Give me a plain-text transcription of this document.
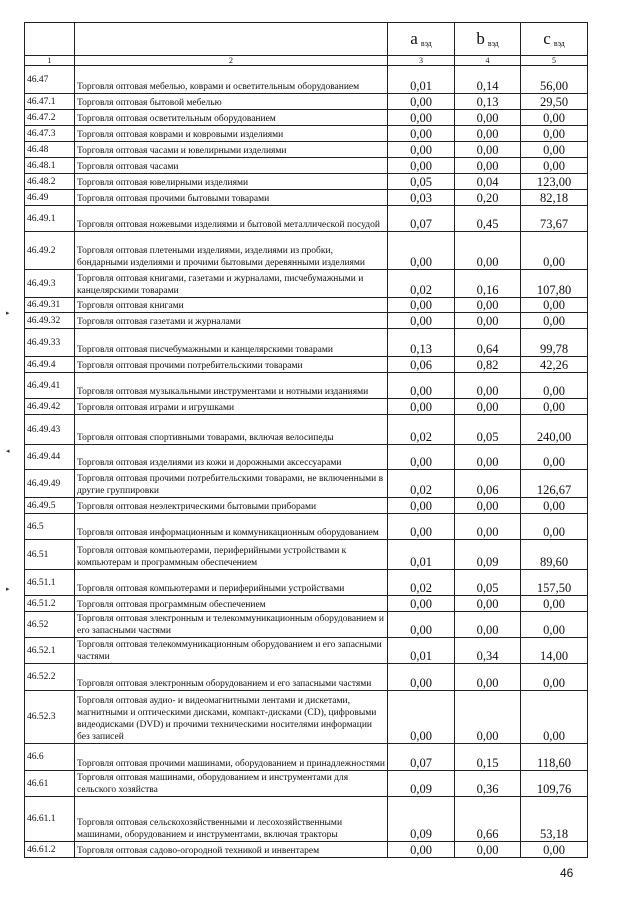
		a вэд	b вэд	c вэд
1	2	3	4	5
46.47	Торговля оптовая мебелью, коврами и осветительным оборудованием	0,01	0,14	56,00
46.47.1	Торговля оптовая бытовой мебелью	0,00	0,13	29,50
46.47.2	Торговля оптовая осветительным оборудованием	0,00	0,00	0,00
46.47.3	Торговля оптовая коврами и ковровыми изделиями	0,00	0,00	0,00
46.48	Торговля оптовая часами и ювелирными изделиями	0,00	0,00	0,00
46.48.1	Торговля оптовая часами	0,00	0,00	0,00
46.48.2	Торговля оптовая ювелирными изделиями	0,05	0,04	123,00
46.49	Торговля оптовая прочими бытовыми товарами	0,03	0,20	82,18
46.49.1	Торговля оптовая ножевыми изделиями и бытовой металлической посудой	0,07	0,45	73,67
46.49.2	Торговля оптовая плетеными изделиями, изделиями из пробки, бондарными изделиями и прочими бытовыми деревянными изделиями	0,00	0,00	0,00
46.49.3	Торговля оптовая книгами, газетами и журналами, писчебумажными и канцелярскими товарами	0,02	0,16	107,80
46.49.31	Торговля оптовая книгами	0,00	0,00	0,00
46.49.32	Торговля оптовая газетами и журналами	0,00	0,00	0,00
46.49.33	Торговля оптовая писчебумажными и канцелярскими товарами	0,13	0,64	99,78
46.49.4	Торговля оптовая прочими потребительскими товарами	0,06	0,82	42,26
46.49.41	Торговля оптовая музыкальными инструментами и нотными изданиями	0,00	0,00	0,00
46.49.42	Торговля оптовая играми и игрушками	0,00	0,00	0,00
46.49.43	Торговля оптовая спортивными товарами, включая велосипеды	0,02	0,05	240,00
46.49.44	Торговля оптовая изделиями из кожи и дорожными аксессуарами	0,00	0,00	0,00
46.49.49	Торговля оптовая прочими потребительскими товарами, не включенными в другие группировки	0,02	0,06	126,67
46.49.5	Торговля оптовая неэлектрическими бытовыми приборами	0,00	0,00	0,00
46.5	Торговля оптовая информационным и коммуникационным оборудованием	0,00	0,00	0,00
46.51	Торговля оптовая компьютерами, периферийными устройствами к компьютерам и программным обеспечением	0,01	0,09	89,60
46.51.1	Торговля оптовая компьютерами и периферийными устройствами	0,02	0,05	157,50
46.51.2	Торговля оптовая программным обеспечением	0,00	0,00	0,00
46.52	Торговля оптовая электронным и телекоммуникационным оборудованием и его запасными частями	0,00	0,00	0,00
46.52.1	Торговля оптовая телекоммуникационным оборудованием и его запасными частями	0,01	0,34	14,00
46.52.2	Торговля оптовая электронным оборудованием и его запасными частями	0,00	0,00	0,00
46.52.3	Торговля оптовая аудио- и видеомагнитными лентами и дискетами, магнитными и оптическими дисками, компакт-дисками (CD), цифровыми видеодисками (DVD) и прочими техническими носителями информации без записей	0,00	0,00	0,00
46.6	Торговля оптовая прочими машинами, оборудованием и принадлежностями	0,07	0,15	118,60
46.61	Торговля оптовая машинами, оборудованием и инструментами для сельского хозяйства	0,09	0,36	109,76
46.61.1	Торговля оптовая сельскохозяйственными и лесохозяйственными машинами, оборудованием и инструментами, включая тракторы	0,09	0,66	53,18
46.61.2	Торговля оптовая садово-огородной техникой и инвентарем	0,00	0,00	0,00
46
▸
◂
▸
